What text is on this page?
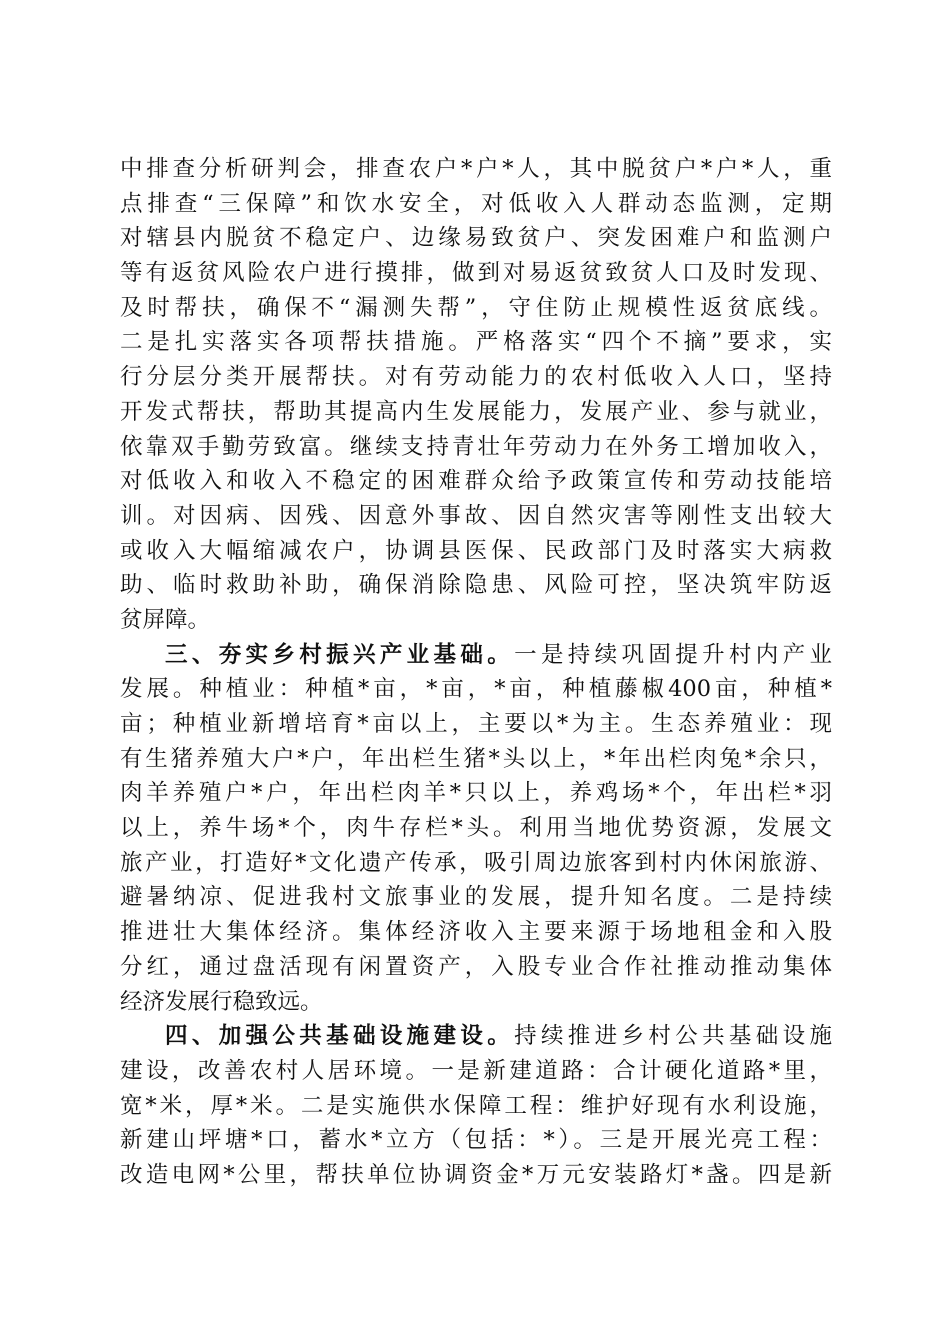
中排查分析研判会，排查农户*户*人，其中脱贫户*户*人，重
点排查“三保障”和饮水安全，对低收入人群动态监测，定期
对辖县内脱贫不稳定户、边缘易致贫户、突发困难户和监测户
等有返贫风险农户进行摸排，做到对易返贫致贫人口及时发现、
及时帮扶，确保不“漏测失帮”，守住防止规模性返贫底线。
二是扎实落实各项帮扶措施。严格落实“四个不摘”要求，实
行分层分类开展帮扶。对有劳动能力的农村低收入人口，坚持
开发式帮扶，帮助其提高内生发展能力，发展产业、参与就业，
依靠双手勤劳致富。继续支持青壮年劳动力在外务工增加收入，
对低收入和收入不稳定的困难群众给予政策宣传和劳动技能培
训。对因病、因残、因意外事故、因自然灾害等刚性支出较大
或收入大幅缩减农户，协调县医保、民政部门及时落实大病救
助、临时救助补助，确保消除隐患、风险可控，坚决筑牢防返
贫屏障。
三、夯实乡村振兴产业基础。一是持续巩固提升村内产业
发展。种植业：种植*亩，*亩，*亩，种植藤椒400亩，种植*
亩；种植业新增培育*亩以上，主要以*为主。生态养殖业：现
有生猪养殖大户*户，年出栏生猪*头以上，*年出栏肉兔*余只，
肉羊养殖户*户，年出栏肉羊*只以上，养鸡场*个，年出栏*羽
以上，养牛场*个，肉牛存栏*头。利用当地优势资源，发展文
旅产业，打造好*文化遗产传承，吸引周边旅客到村内休闲旅游、
避暑纳凉、促进我村文旅事业的发展，提升知名度。二是持续
推进壮大集体经济。集体经济收入主要来源于场地租金和入股
分红，通过盘活现有闲置资产，入股专业合作社推动推动集体
经济发展行稳致远。
四、加强公共基础设施建设。持续推进乡村公共基础设施
建设，改善农村人居环境。一是新建道路：合计硬化道路*里，
宽*米，厚*米。二是实施供水保障工程：维护好现有水利设施，
新建山坪塘*口，蓄水*立方（包括：*）。三是开展光亮工程：
改造电网*公里，帮扶单位协调资金*万元安装路灯*盏。四是新
